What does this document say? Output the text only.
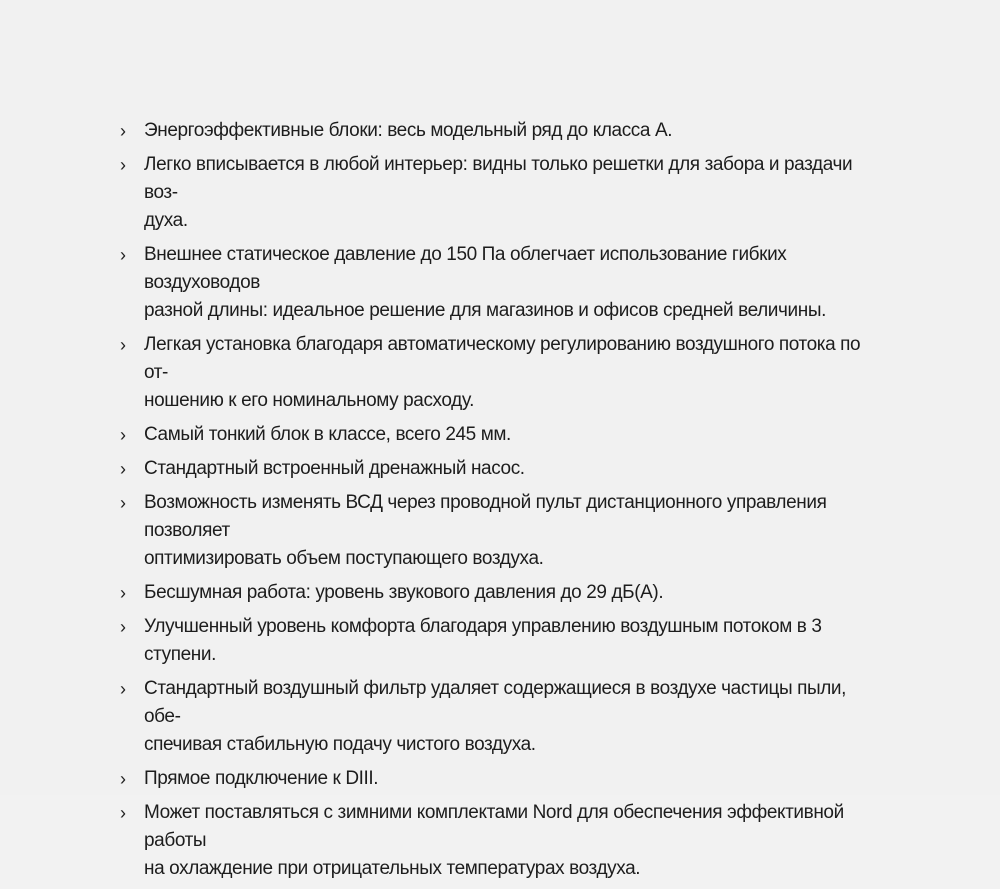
› Энергоэффективные блоки: весь модельный ряд до класса А.
› Легко вписывается в любой интерьер: видны только решетки для забора и раздачи воз-
духа.
› Внешнее статическое давление до 150 Па облегчает использование гибких воздуховодов
разной длины: идеальное решение для магазинов и офисов средней величины.
› Легкая установка благодаря автоматическому регулированию воздушного потока по от-
ношению к его номинальному расходу.
› Самый тонкий блок в классе, всего 245 мм.
› Стандартный встроенный дренажный насос.
› Возможность изменять ВСД через проводной пульт дистанционного управления позволяет
оптимизировать объем поступающего воздуха.
› Бесшумная работа: уровень звукового давления до 29 дБ(А).
› Улучшенный уровень комфорта благодаря управлению воздушным потоком в 3 ступени.
› Стандартный воздушный фильтр удаляет содержащиеся в воздухе частицы пыли, обе-
спечивая стабильную подачу чистого воздуха.
› Прямое подключение к DIII.
› Может поставляться с зимними комплектами Nord для обеспечения эффективной работы
на охлаждение при отрицательных температурах воздуха.
